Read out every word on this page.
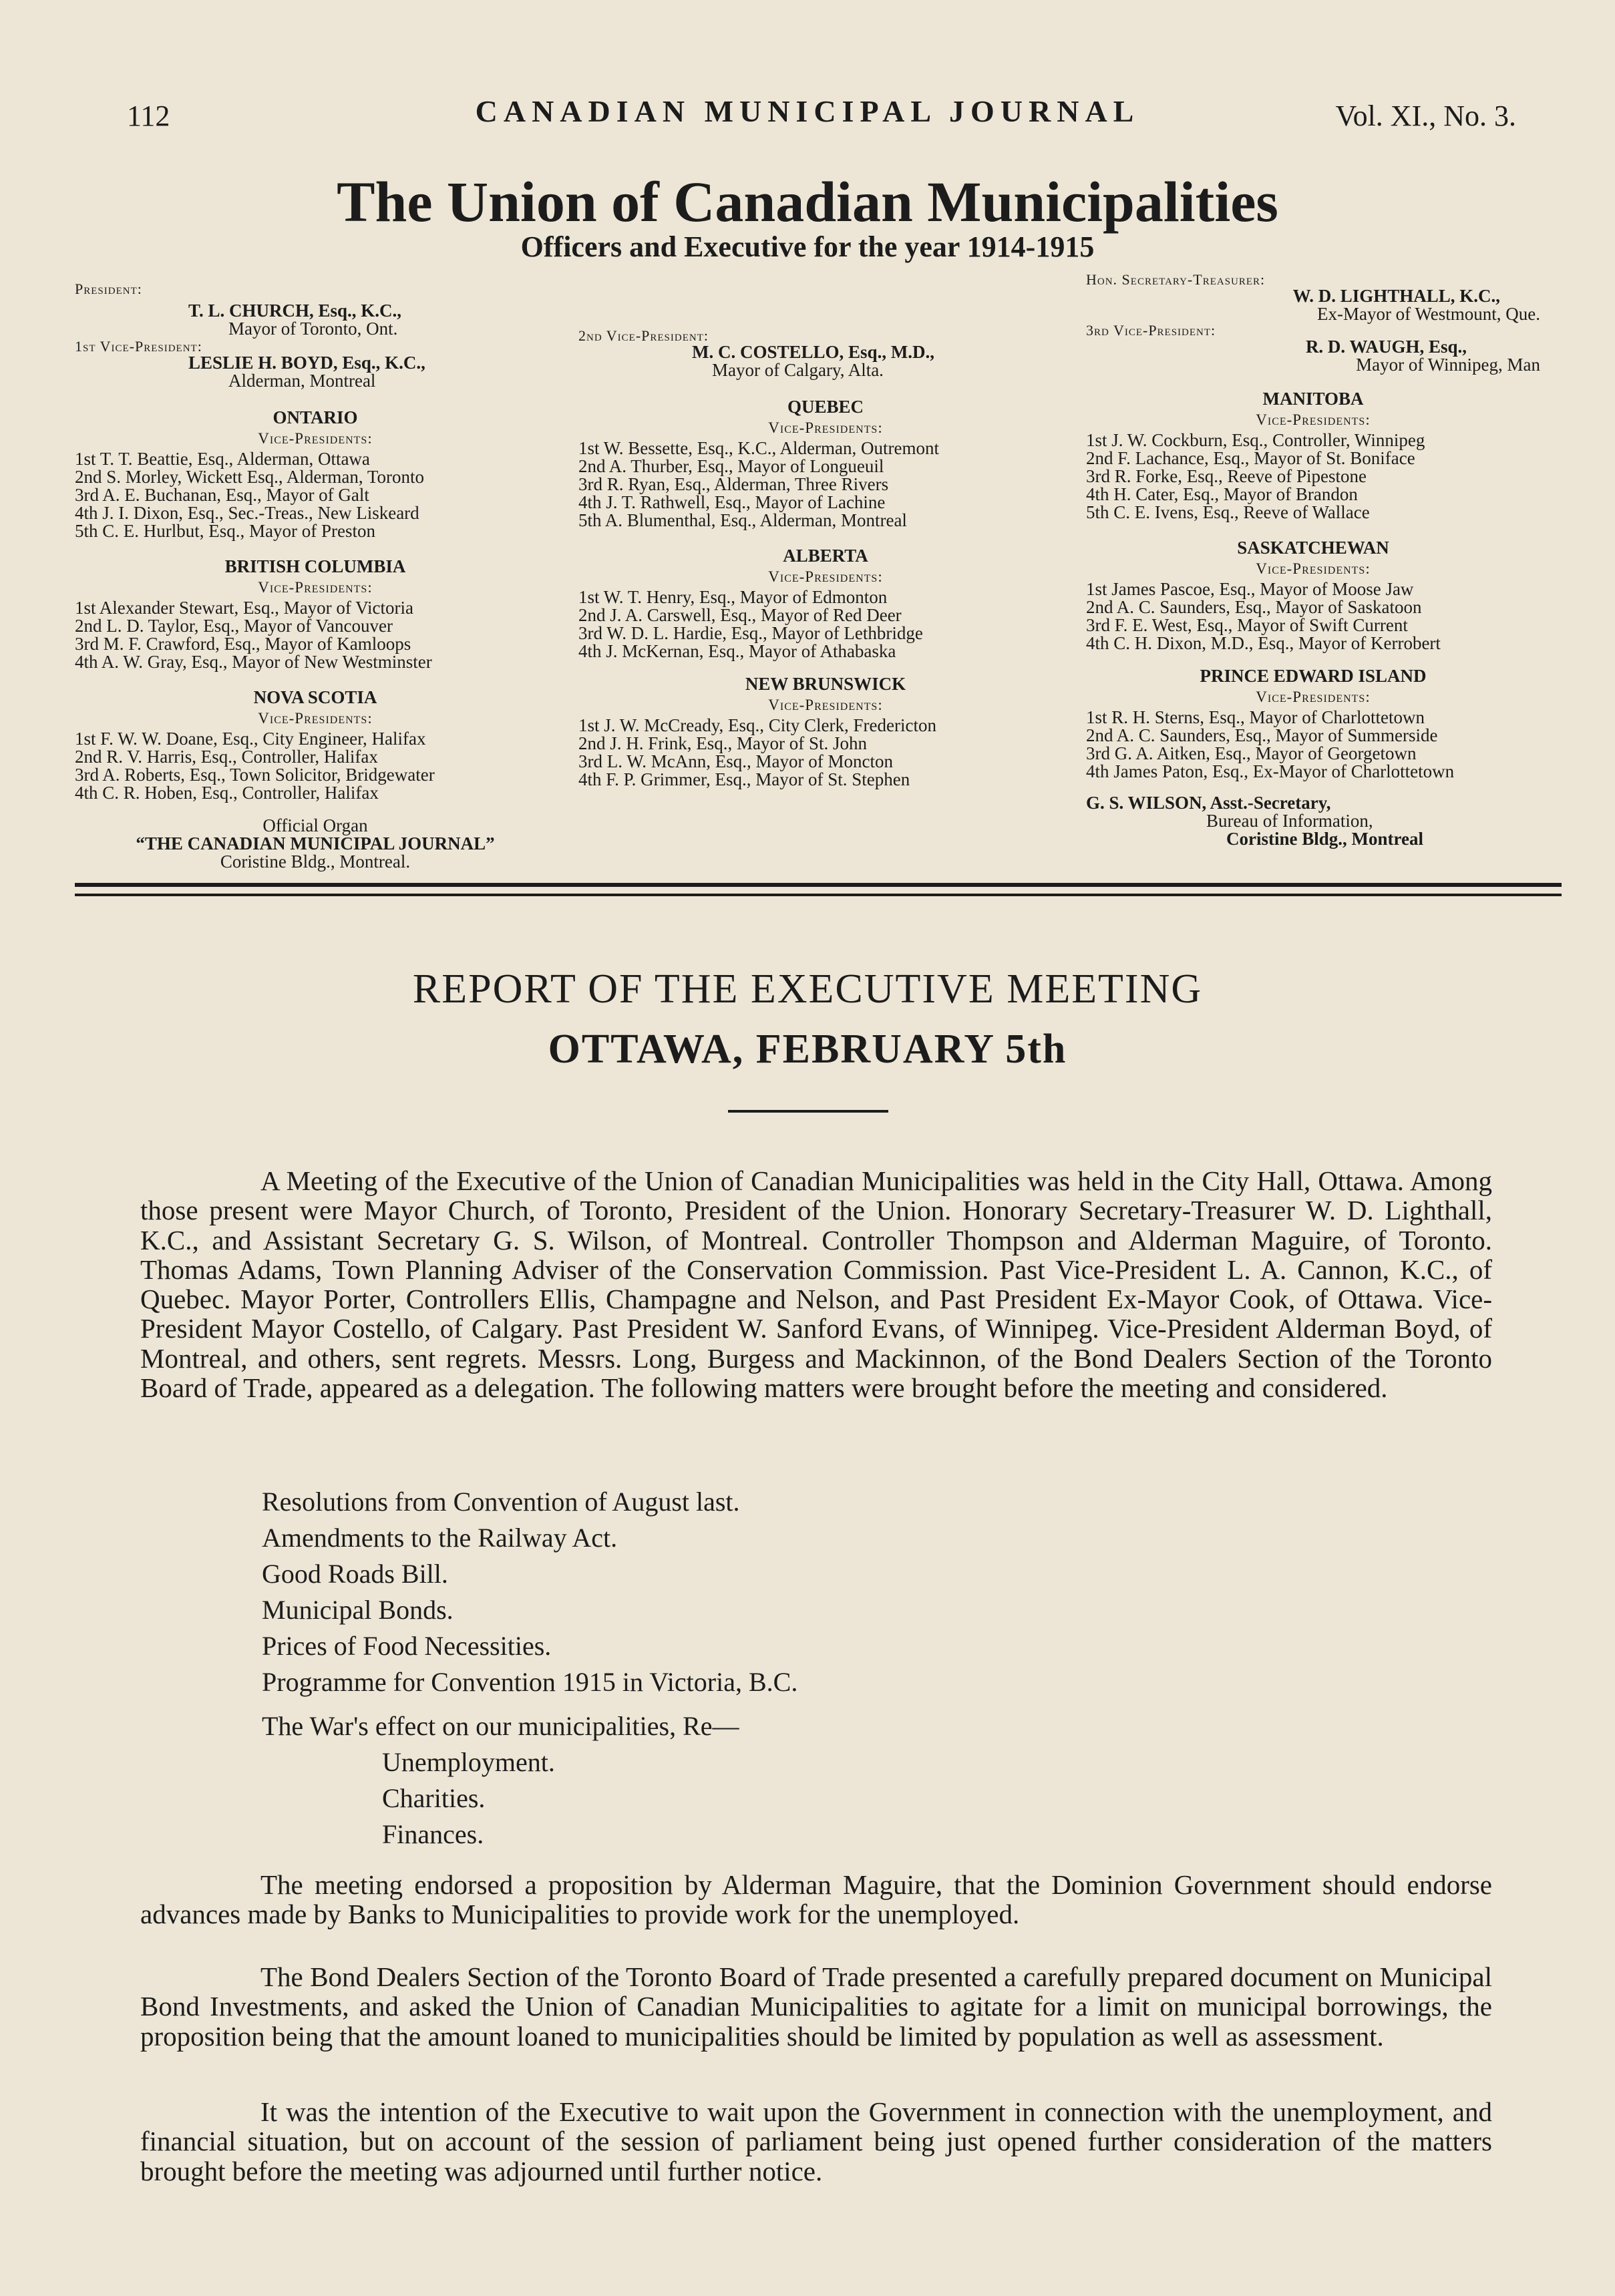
112	CANADIAN MUNICIPAL JOURNAL	Vol. XI., No. 3.
The Union of Canadian Municipalities
Officers and Executive for the year 1914-1915
President:
T. L. CHURCH, Esq., K.C.,
Mayor of Toronto, Ont.
1st Vice-President:
LESLIE H. BOYD, Esq., K.C.,
Alderman, Montreal
ONTARIO
Vice-Presidents:
1st T. T. Beattie, Esq., Alderman, Ottawa
2nd S. Morley, Wickett Esq., Alderman, Toronto
3rd A. E. Buchanan, Esq., Mayor of Galt
4th J. I. Dixon, Esq., Sec.-Treas., New Liskeard
5th C. E. Hurlbut, Esq., Mayor of Preston
BRITISH COLUMBIA
Vice-Presidents:
1st Alexander Stewart, Esq., Mayor of Victoria
2nd L. D. Taylor, Esq., Mayor of Vancouver
3rd M. F. Crawford, Esq., Mayor of Kamloops
4th A. W. Gray, Esq., Mayor of New Westminster
NOVA SCOTIA
Vice-Presidents:
1st F. W. W. Doane, Esq., City Engineer, Halifax
2nd R. V. Harris, Esq., Controller, Halifax
3rd A. Roberts, Esq., Town Solicitor, Bridgewater
4th C. R. Hoben, Esq., Controller, Halifax
Official Organ
“THE CANADIAN MUNICIPAL JOURNAL”
Coristine Bldg., Montreal.
2nd Vice-President:
M. C. COSTELLO, Esq., M.D.,
Mayor of Calgary, Alta.
QUEBEC
Vice-Presidents:
1st W. Bessette, Esq., K.C., Alderman, Outremont
2nd A. Thurber, Esq., Mayor of Longueuil
3rd R. Ryan, Esq., Alderman, Three Rivers
4th J. T. Rathwell, Esq., Mayor of Lachine
5th A. Blumenthal, Esq., Alderman, Montreal
ALBERTA
Vice-Presidents:
1st W. T. Henry, Esq., Mayor of Edmonton
2nd J. A. Carswell, Esq., Mayor of Red Deer
3rd W. D. L. Hardie, Esq., Mayor of Lethbridge
4th J. McKernan, Esq., Mayor of Athabaska
NEW BRUNSWICK
Vice-Presidents:
1st J. W. McCready, Esq., City Clerk, Fredericton
2nd J. H. Frink, Esq., Mayor of St. John
3rd L. W. McAnn, Esq., Mayor of Moncton
4th F. P. Grimmer, Esq., Mayor of St. Stephen
Hon. Secretary-Treasurer:
W. D. LIGHTHALL, K.C.,
Ex-Mayor of Westmount, Que.
3rd Vice-President:
R. D. WAUGH, Esq.,
Mayor of Winnipeg, Man
MANITOBA
Vice-Presidents:
1st J. W. Cockburn, Esq., Controller, Winnipeg
2nd F. Lachance, Esq., Mayor of St. Boniface
3rd R. Forke, Esq., Reeve of Pipestone
4th H. Cater, Esq., Mayor of Brandon
5th C. E. Ivens, Esq., Reeve of Wallace
SASKATCHEWAN
Vice-Presidents:
1st James Pascoe, Esq., Mayor of Moose Jaw
2nd A. C. Saunders, Esq., Mayor of Saskatoon
3rd F. E. West, Esq., Mayor of Swift Current
4th C. H. Dixon, M.D., Esq., Mayor of Kerrobert
PRINCE EDWARD ISLAND
Vice-Presidents:
1st R. H. Sterns, Esq., Mayor of Charlottetown
2nd A. C. Saunders, Esq., Mayor of Summerside
3rd G. A. Aitken, Esq., Mayor of Georgetown
4th James Paton, Esq., Ex-Mayor of Charlottetown
G. S. WILSON, Asst.-Secretary,
Bureau of Information,
Coristine Bldg., Montreal
REPORT OF THE EXECUTIVE MEETING
OTTAWA, FEBRUARY 5th
A Meeting of the Executive of the Union of Canadian Municipalities was held in the City Hall, Ottawa. Among those present were Mayor Church, of Toronto, President of the Union. Honorary Secretary-Treasurer W. D. Lighthall, K.C., and Assistant Secretary G. S. Wilson, of Montreal. Controller Thompson and Alderman Maguire, of Toronto. Thomas Adams, Town Planning Adviser of the Conservation Commission. Past Vice-President L. A. Cannon, K.C., of Quebec. Mayor Porter, Controllers Ellis, Champagne and Nelson, and Past President Ex-Mayor Cook, of Ottawa. Vice-President Mayor Costello, of Calgary. Past President W. Sanford Evans, of Winnipeg. Vice-President Alderman Boyd, of Montreal, and others, sent regrets. Messrs. Long, Burgess and Mackinnon, of the Bond Dealers Section of the Toronto Board of Trade, appeared as a delegation. The following matters were brought before the meeting and considered.
Resolutions from Convention of August last.
Amendments to the Railway Act.
Good Roads Bill.
Municipal Bonds.
Prices of Food Necessities.
Programme for Convention 1915 in Victoria, B.C.
The War's effect on our municipalities, Re—
Unemployment.
Charities.
Finances.
The meeting endorsed a proposition by Alderman Maguire, that the Dominion Government should endorse advances made by Banks to Municipalities to provide work for the unemployed.
The Bond Dealers Section of the Toronto Board of Trade presented a carefully prepared document on Municipal Bond Investments, and asked the Union of Canadian Municipalities to agitate for a limit on municipal borrowings, the proposition being that the amount loaned to municipalities should be limited by population as well as assessment.
It was the intention of the Executive to wait upon the Government in connection with the unemployment, and financial situation, but on account of the session of parliament being just opened further consideration of the matters brought before the meeting was adjourned until further notice.
